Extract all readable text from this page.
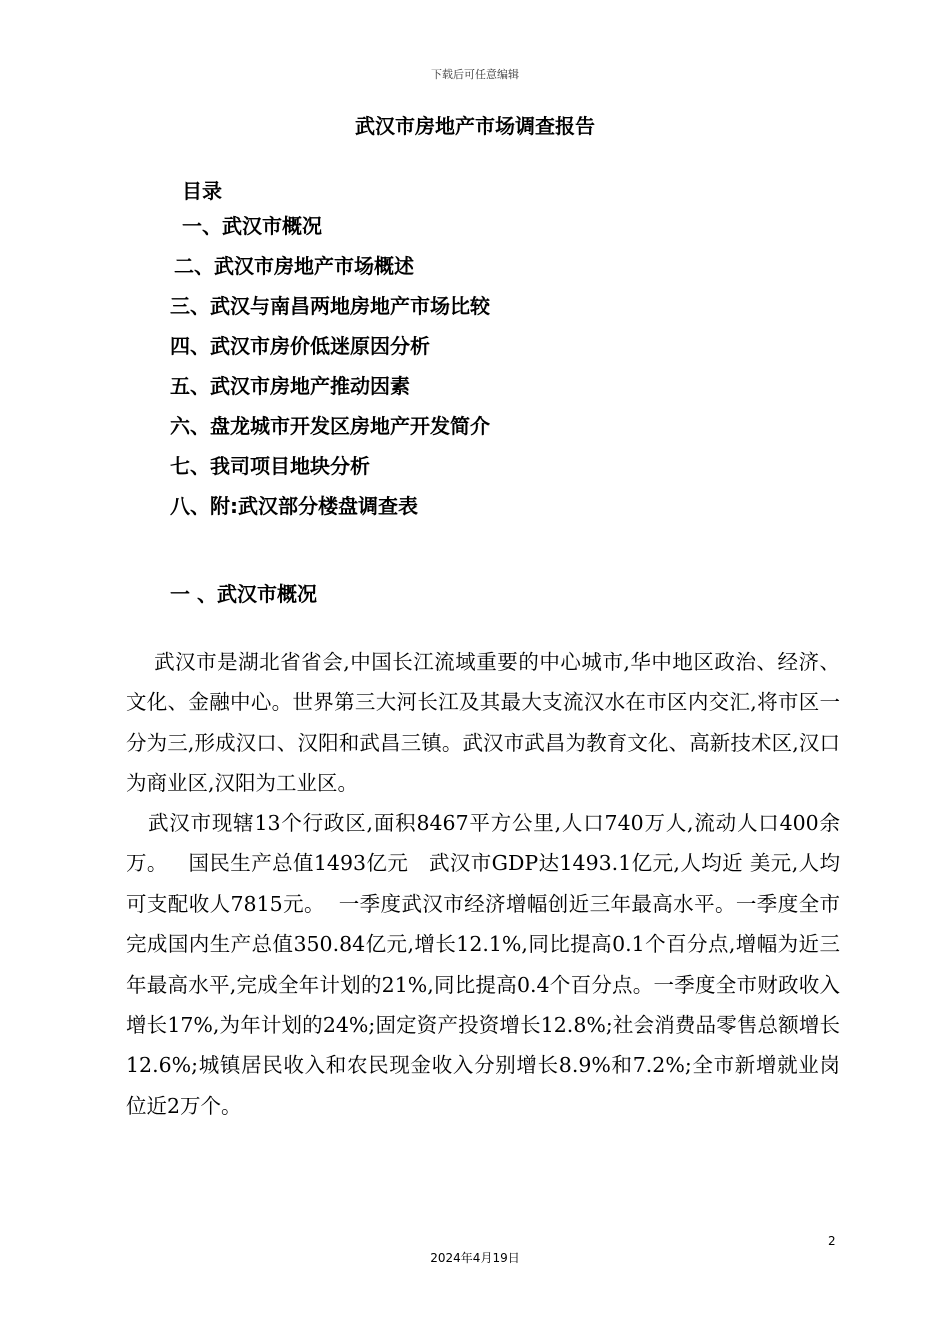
下载后可任意编辑
武汉市房地产市场调查报告
目录
一、武汉市概况
二、武汉市房地产市场概述
三、武汉与南昌两地房地产市场比较
四、武汉市房价低迷原因分析
五、武汉市房地产推动因素
六、盘龙城市开发区房地产开发简介
七、我司项目地块分析
八、附:武汉部分楼盘调查表
一 、武汉市概况

武汉市是湖北省省会,中国长江流域重要的中心城市,华中地区政治、经济、文化、金融中心。世界第三大河长江及其最大支流汉水在市区内交汇,将市区一分为三,形成汉口、汉阳和武昌三镇。武汉市武昌为教育文化、高新技术区,汉口为商业区,汉阳为工业区。

武汉市现辖13个行政区,面积8467平方公里,人口740万人,流动人口400余万。   国民生产总值1493亿元   武汉市GDP达1493.1亿元,人均近 美元,人均可支配收人7815元。  一季度武汉市经济增幅创近三年最高水平。一季度全市完成国内生产总值350.84亿元,增长12.1%,同比提高0.1个百分点,增幅为近三年最高水平,完成全年计划的21%,同比提高0.4个百分点。一季度全市财政收入增长17%,为年计划的24%;固定资产投资增长12.8%;社会消费品零售总额增长12.6%;城镇居民收入和农民现金收入分别增长8.9%和7.2%;全市新增就业岗位近2万个。

2
2024年4月19日
